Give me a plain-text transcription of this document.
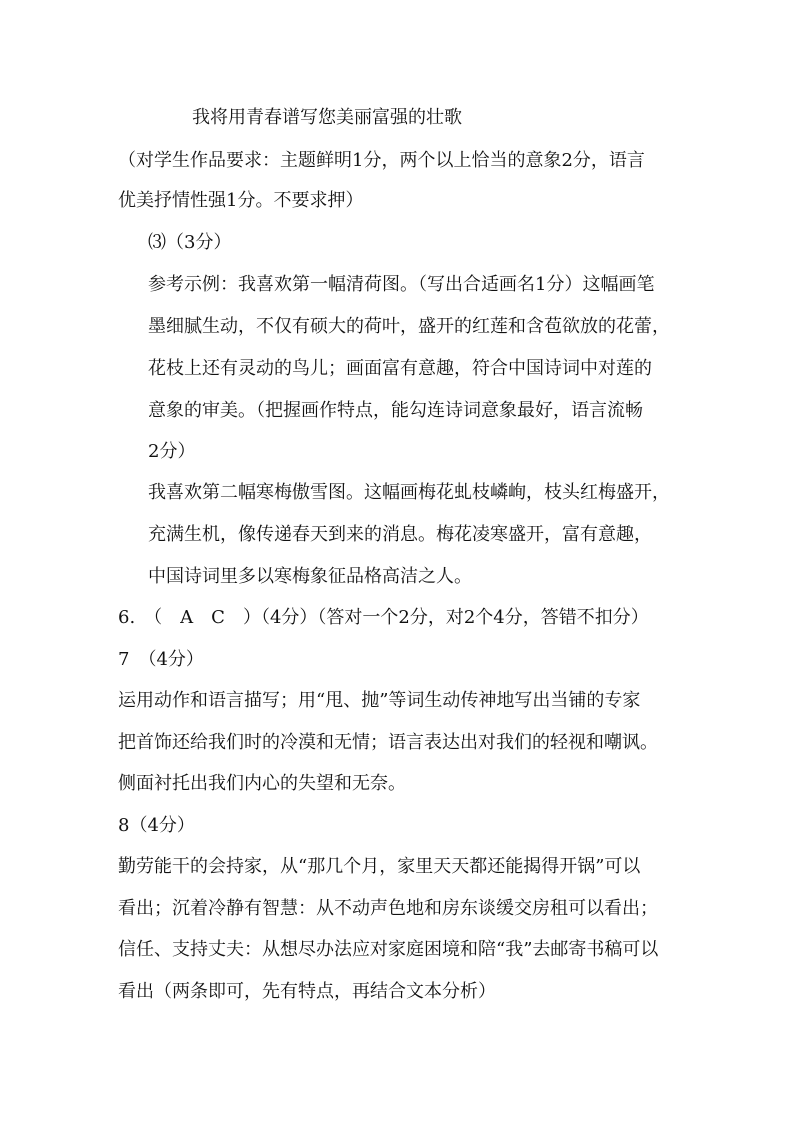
我将用青春谱写您美丽富强的壮歌
（对学生作品要求：主题鲜明1分，两个以上恰当的意象2分，语言
优美抒情性强1分。不要求押）
⑶（3分）
参考示例：我喜欢第一幅清荷图。（写出合适画名1分）这幅画笔
墨细腻生动，不仅有硕大的荷叶，盛开的红莲和含苞欲放的花蕾，
花枝上还有灵动的鸟儿；画面富有意趣，符合中国诗词中对莲的
意象的审美。（把握画作特点，能勾连诗词意象最好，语言流畅
2分）
我喜欢第二幅寒梅傲雪图。这幅画梅花虬枝嶙峋，枝头红梅盛开，
充满生机，像传递春天到来的消息。梅花凌寒盛开，富有意趣，
中国诗词里多以寒梅象征品格高洁之人。
6.　（　A　C　）（4分）（答对一个2分，对2个4分，答错不扣分）
7　（4分）
运用动作和语言描写；用“甩、抛”等词生动传神地写出当铺的专家
把首饰还给我们时的冷漠和无情；语言表达出对我们的轻视和嘲讽。
侧面衬托出我们内心的失望和无奈。
8（4分）
勤劳能干的会持家，从“那几个月，家里天天都还能揭得开锅”可以
看出；沉着冷静有智慧：从不动声色地和房东谈缓交房租可以看出；
信任、支持丈夫：从想尽办法应对家庭困境和陪“我”去邮寄书稿可以
看出（两条即可，先有特点，再结合文本分析）
